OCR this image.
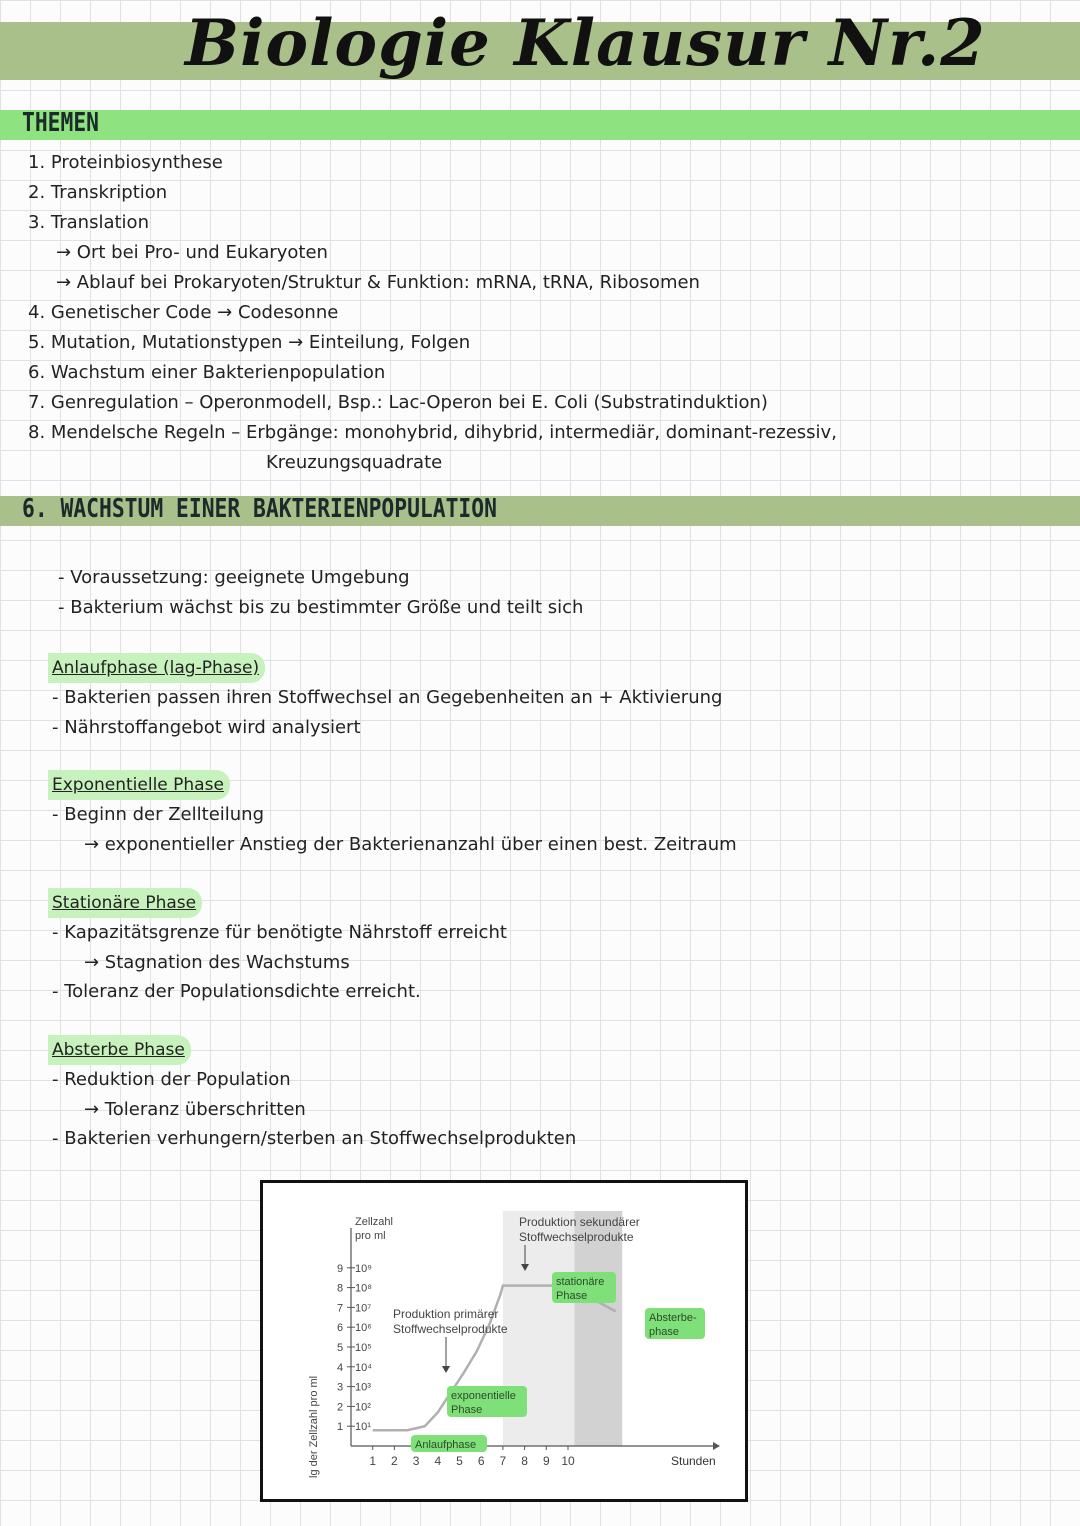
Biologie Klausur Nr.2
THEMEN
1. Proteinbiosynthese
2. Transkription
3. Translation
→ Ort bei Pro- und Eukaryoten
→ Ablauf bei Prokaryoten/Struktur & Funktion: mRNA, tRNA, Ribosomen
4. Genetischer Code → Codesonne
5. Mutation, Mutationstypen → Einteilung, Folgen
6. Wachstum einer Bakterienpopulation
7. Genregulation – Operonmodell, Bsp.: Lac-Operon bei E. Coli (Substratinduktion)
8. Mendelsche Regeln – Erbgänge: monohybrid, dihybrid, intermediär, dominant-rezessiv,
Kreuzungsquadrate
6. WACHSTUM EINER BAKTERIENPOPULATION
- Voraussetzung: geeignete Umgebung
- Bakterium wächst bis zu bestimmter Größe und teilt sich
Anlaufphase (lag-Phase)
- Bakterien passen ihren Stoffwechsel an Gegebenheiten an + Aktivierung
- Nährstoffangebot wird analysiert
Exponentielle Phase
- Beginn der Zellteilung
→ exponentieller Anstieg der Bakterienanzahl über einen best. Zeitraum
Stationäre Phase
- Kapazitätsgrenze für benötigte Nährstoff erreicht
→ Stagnation des Wachstums
- Toleranz der Populationsdichte erreicht.
Absterbe Phase
- Reduktion der Population
→ Toleranz überschritten
- Bakterien verhungern/sterben an Stoffwechselprodukten
1 10¹
2 10²
3 10³
4 10⁴
5 10⁵
6 10⁶
7 10⁷
8 10⁸
9 10⁹
1 2 3 4 5 6 7 8 9 10
Zellzahl
pro ml
lg der Zellzahl pro ml	Stunden
Produktion primärer
Stoffwechselprodukte
Produktion sekundärer
Stoffwechselprodukte
Anlaufphase
exponentielle
Phase
stationäre
Phase
Absterbe-
phase
